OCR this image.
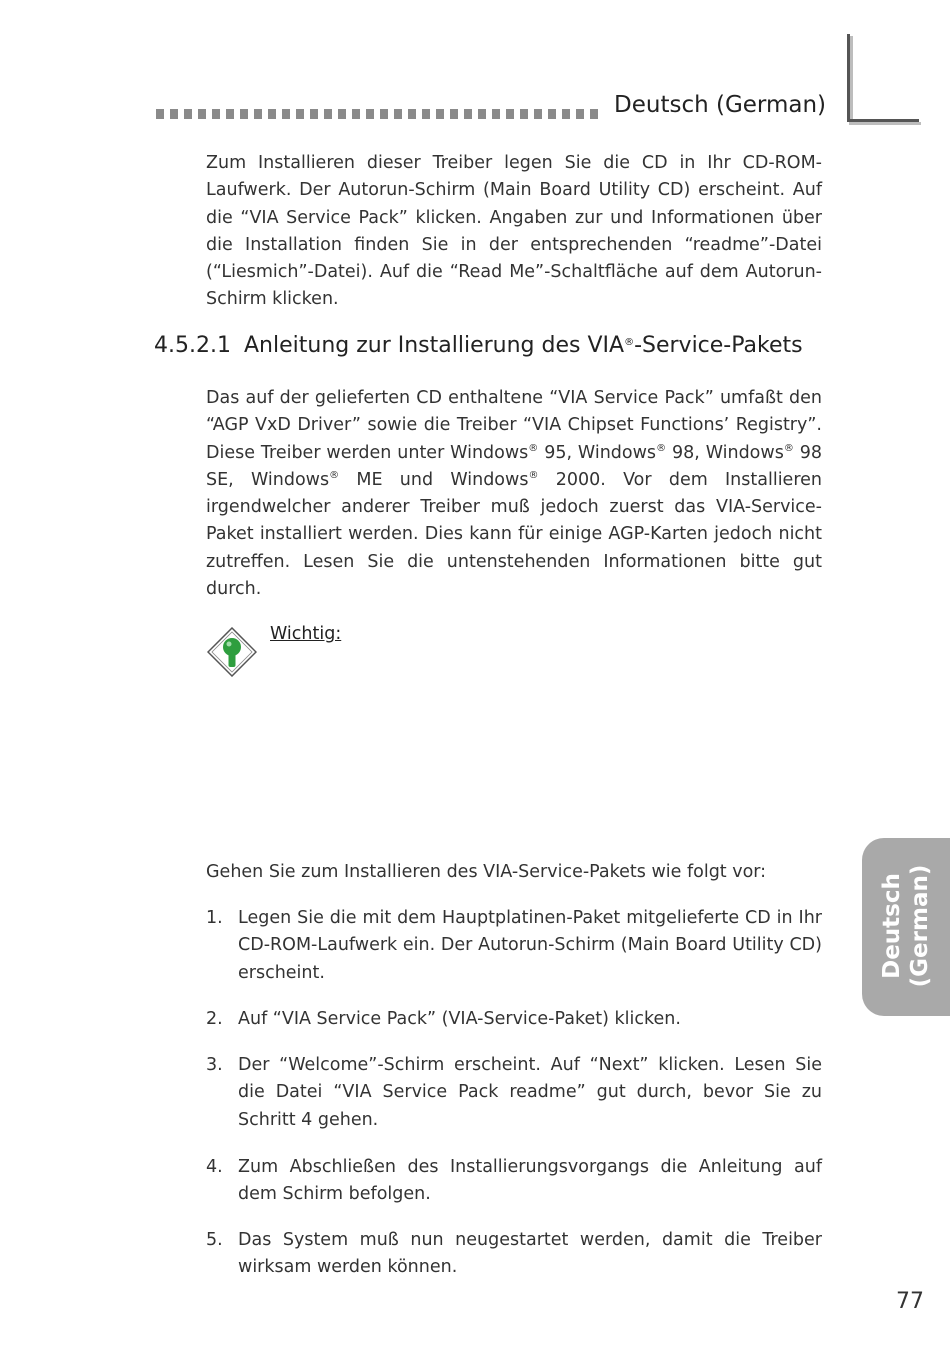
Deutsch (German)

Zum Installieren dieser Treiber legen Sie die CD in Ihr CD-ROM-Laufwerk. Der Autorun-Schirm (Main Board Utility CD) erscheint. Auf die “VIA Service Pack” klicken. Angaben zur und Informationen über die Installation finden Sie in der entsprechenden “readme”-Datei (“Liesmich”-Datei). Auf die “Read Me”-Schaltfläche auf dem Autorun-Schirm klicken.

4.5.2.1 Anleitung zur Installierung des VIA®-Service-Pakets

Das auf der gelieferten CD enthaltene “VIA Service Pack” umfaßt den “AGP VxD Driver” sowie die Treiber “VIA Chipset Functions’ Registry”. Diese Treiber werden unter Windows® 95, Windows® 98, Windows® 98 SE, Windows® ME und Windows® 2000. Vor dem Installieren irgendwelcher anderer Treiber muß jedoch zuerst das VIA-Service-Paket installiert werden. Dies kann für einige AGP-Karten jedoch nicht zutreffen. Lesen Sie die untenstehenden Informationen bitte gut durch.

Wichtig:

Gehen Sie zum Installieren des VIA-Service-Pakets wie folgt vor:

1. Legen Sie die mit dem Hauptplatinen-Paket mitgelieferte CD in Ihr CD-ROM-Laufwerk ein. Der Autorun-Schirm (Main Board Utility CD) erscheint.
2. Auf “VIA Service Pack” (VIA-Service-Paket) klicken.
3. Der “Welcome”-Schirm erscheint. Auf “Next” klicken. Lesen Sie die Datei “VIA Service Pack readme” gut durch, bevor Sie zu Schritt 4 gehen.
4. Zum Abschließen des Installierungsvorgangs die Anleitung auf dem Schirm befolgen.
5. Das System muß nun neugestartet werden, damit die Treiber wirksam werden können.
Deutsch (German)
77
